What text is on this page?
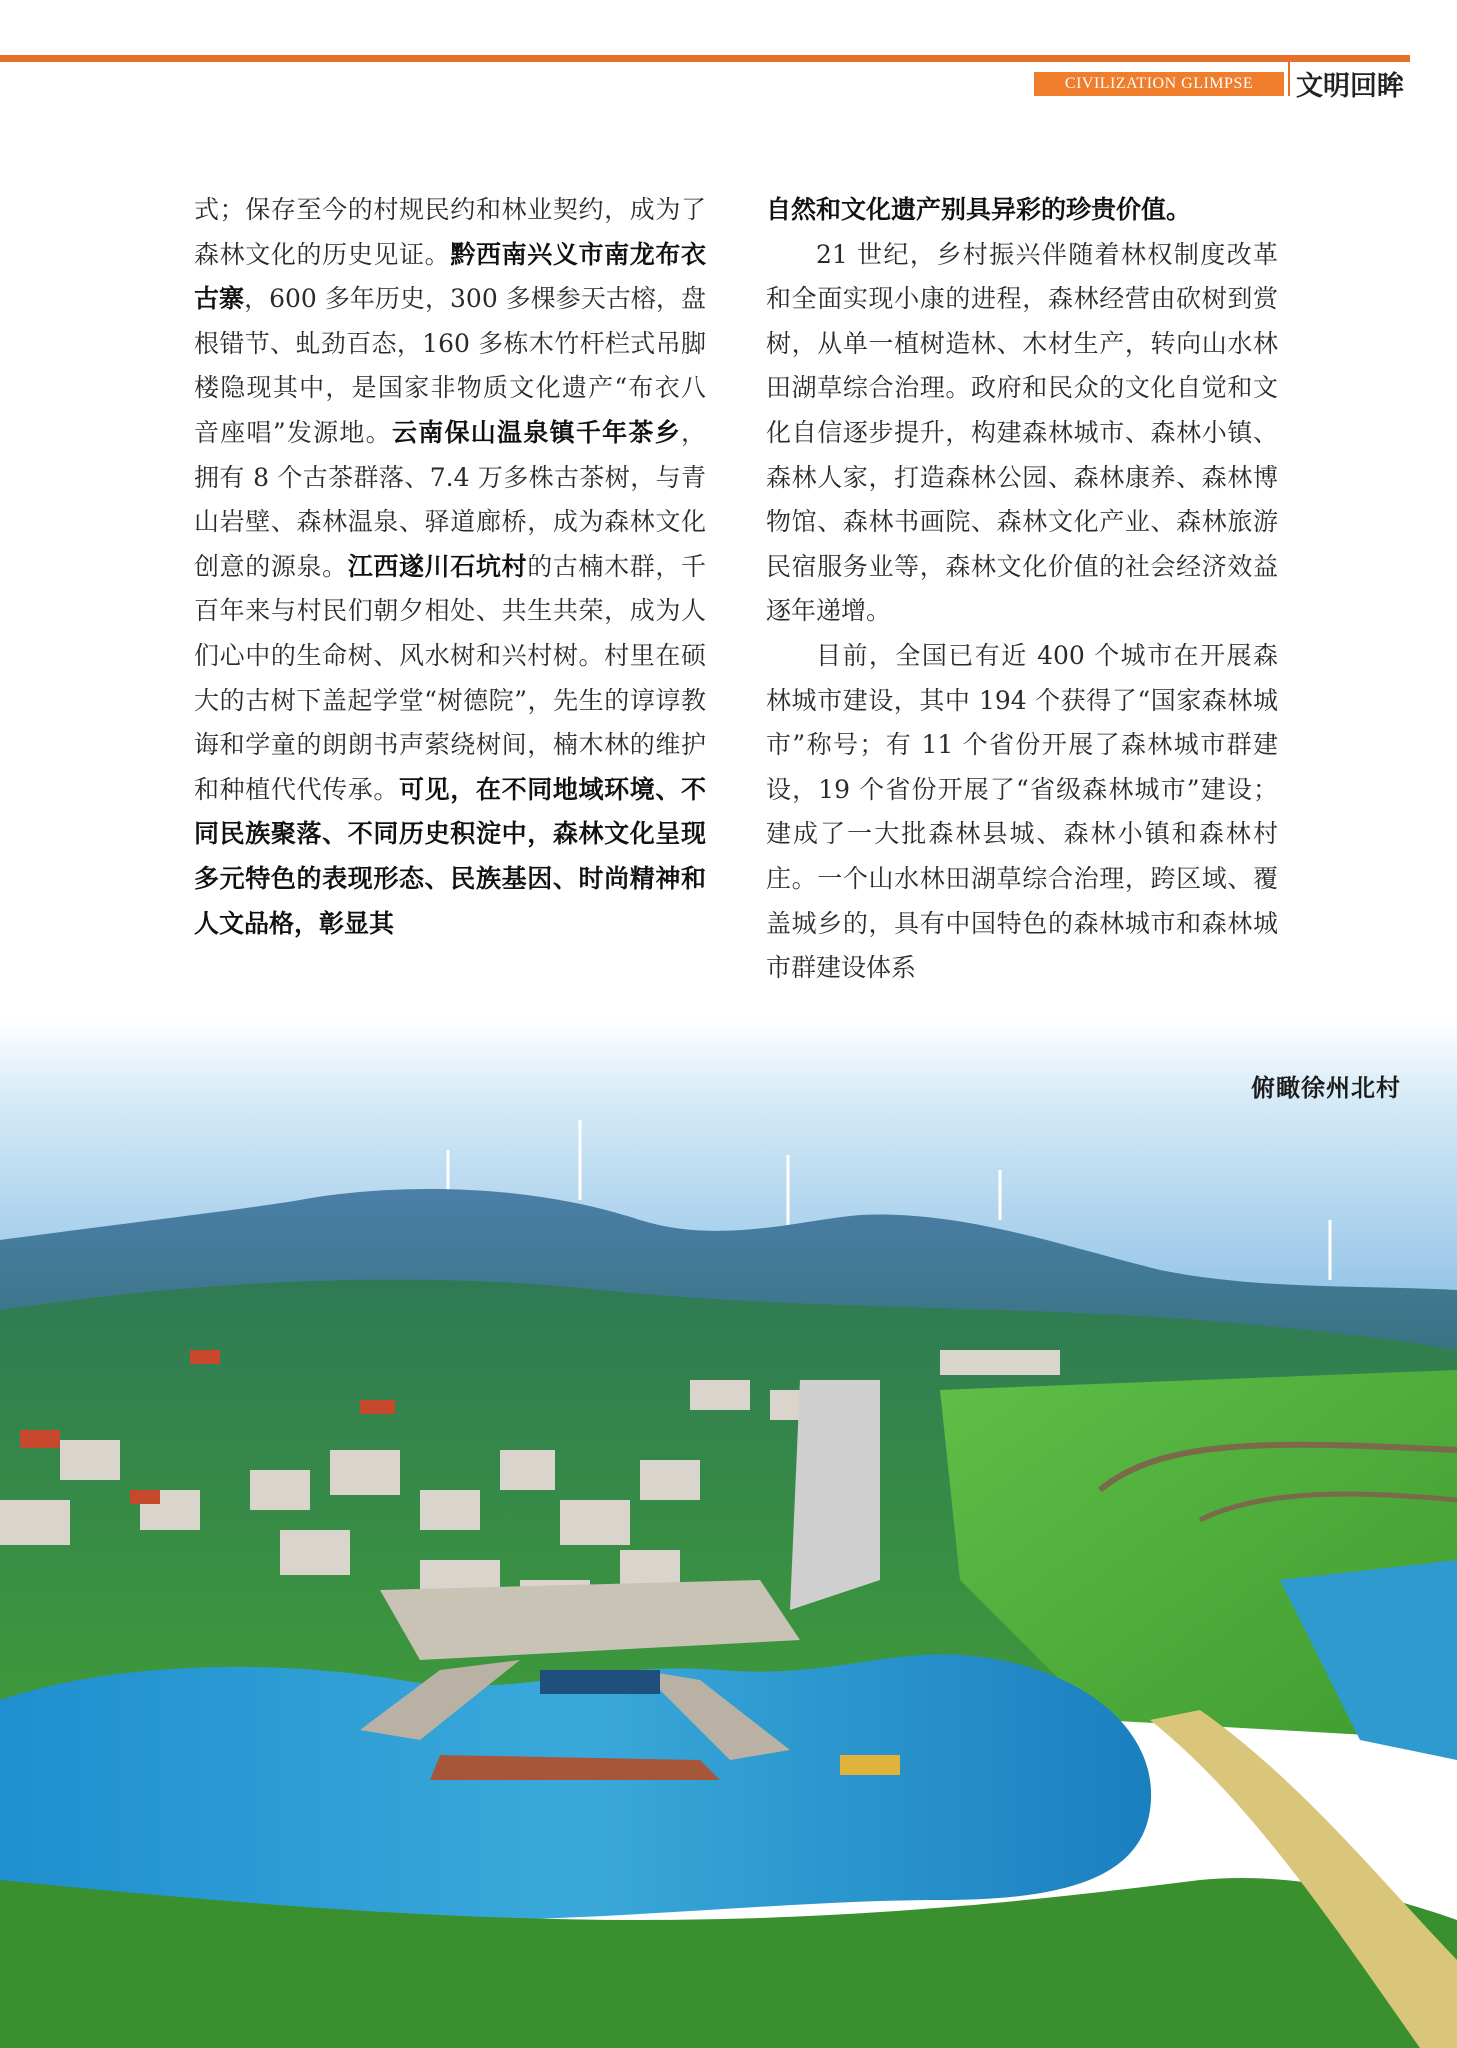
CIVILIZATION GLIMPSE	文明回眸

式；保存至今的村规民约和林业契约，成为了森林文化的历史见证。黔西南兴义市南龙布衣古寨，600 多年历史，300 多棵参天古榕，盘根错节、虬劲百态，160 多栋木竹杆栏式吊脚楼隐现其中，是国家非物质文化遗产“布衣八音座唱”发源地。云南保山温泉镇千年茶乡，拥有 8 个古茶群落、7.4 万多株古茶树，与青山岩壁、森林温泉、驿道廊桥，成为森林文化创意的源泉。江西遂川石坑村的古楠木群，千百年来与村民们朝夕相处、共生共荣，成为人们心中的生命树、风水树和兴村树。村里在硕大的古树下盖起学堂“树德院”，先生的谆谆教诲和学童的朗朗书声萦绕树间，楠木林的维护和种植代代传承。可见，在不同地域环境、不同民族聚落、不同历史积淀中，森林文化呈现多元特色的表现形态、民族基因、时尚精神和人文品格，彰显其

自然和文化遗产别具异彩的珍贵价值。

21 世纪，乡村振兴伴随着林权制度改革和全面实现小康的进程，森林经营由砍树到赏树，从单一植树造林、木材生产，转向山水林田湖草综合治理。政府和民众的文化自觉和文化自信逐步提升，构建森林城市、森林小镇、森林人家，打造森林公园、森林康养、森林博物馆、森林书画院、森林文化产业、森林旅游民宿服务业等，森林文化价值的社会经济效益逐年递增。

目前，全国已有近 400 个城市在开展森林城市建设，其中 194 个获得了“国家森林城市”称号；有 11 个省份开展了森林城市群建设，19 个省份开展了“省级森林城市”建设；建成了一大批森林县城、森林小镇和森林村庄。一个山水林田湖草综合治理，跨区域、覆盖城乡的，具有中国特色的森林城市和森林城市群建设体系

俯瞰徐州北村
